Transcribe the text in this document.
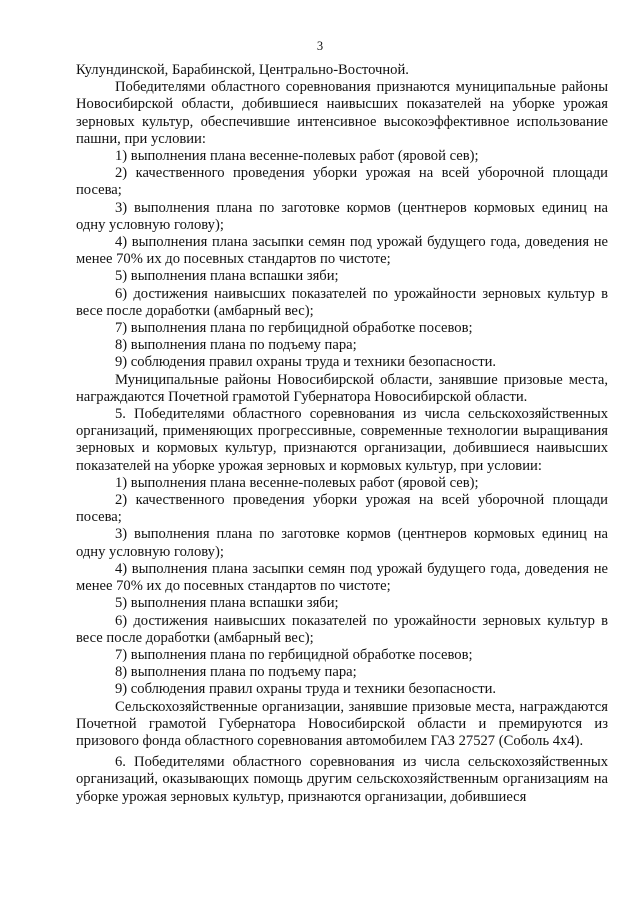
3

Кулундинской, Барабинской, Центрально-Восточной.

Победителями областного соревнования признаются муниципальные районы Новосибирской области, добившиеся наивысших показателей на уборке урожая зерновых культур, обеспечившие интенсивное высокоэффективное использование пашни, при условии:

1) выполнения плана весенне-полевых работ (яровой сев);

2) качественного проведения уборки урожая на всей уборочной площади посева;

3) выполнения плана по заготовке кормов (центнеров кормовых единиц на одну условную голову);

4) выполнения плана засыпки семян под урожай будущего года, доведения не менее 70% их до посевных стандартов по чистоте;

5) выполнения плана вспашки зяби;

6) достижения наивысших показателей по урожайности зерновых культур в весе после доработки (амбарный вес);

7) выполнения плана по гербицидной обработке посевов;

8) выполнения плана по подъему пара;

9) соблюдения правил охраны труда и техники безопасности.

Муниципальные районы Новосибирской области, занявшие призовые места, награждаются Почетной грамотой Губернатора Новосибирской области.

5. Победителями областного соревнования из числа сельскохозяйственных организаций, применяющих прогрессивные, современные технологии выращивания зерновых и кормовых культур, признаются организации, добившиеся наивысших показателей на уборке урожая зерновых и кормовых культур, при условии:

1) выполнения плана весенне-полевых работ (яровой сев);

2) качественного проведения уборки урожая на всей уборочной площади посева;

3) выполнения плана по заготовке кормов (центнеров кормовых единиц на одну условную голову);

4) выполнения плана засыпки семян под урожай будущего года, доведения не менее 70% их до посевных стандартов по чистоте;

5) выполнения плана вспашки зяби;

6) достижения наивысших показателей по урожайности зерновых культур в весе после доработки (амбарный вес);

7) выполнения плана по гербицидной обработке посевов;

8) выполнения плана по подъему пара;

9) соблюдения правил охраны труда и техники безопасности.

Сельскохозяйственные организации, занявшие призовые места, награждаются Почетной грамотой Губернатора Новосибирской области и премируются из призового фонда областного соревнования автомобилем ГАЗ 27527 (Соболь 4х4).

6. Победителями областного соревнования из числа сельскохозяйственных организаций, оказывающих помощь другим сельскохозяйственным организациям на уборке урожая зерновых культур, признаются организации, добившиеся
